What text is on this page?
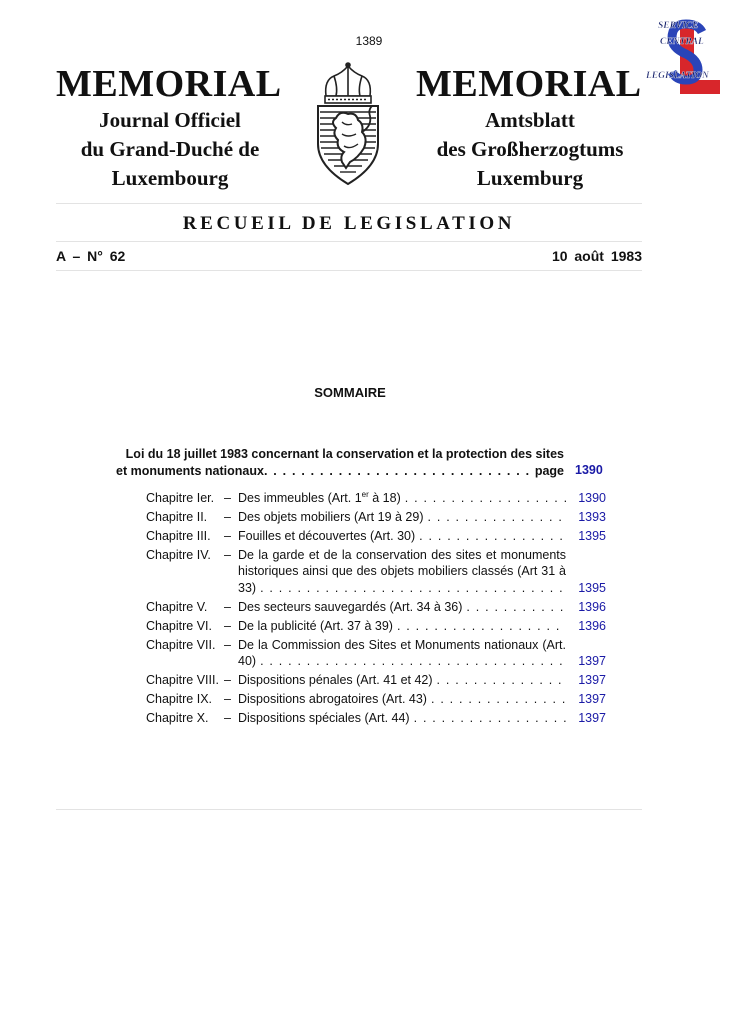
1389
MEMORIAL	MEMORIAL
Journal Officiel
du Grand-Duché de
Luxembourg
Amtsblatt
des Großherzogtums
Luxemburg
SERVICE
CENTRAL
LEGISLATION
RECUEIL DE LEGISLATION
A – N° 62	10 août 1983
SOMMAIRE
Loi du 18 juillet 1983 concernant la conservation et la protection des sites
et monuments nationaux . . .	page 1390
Chapitre Ier. – Des immeubles (Art. 1er à 18) . . .	1390
Chapitre II.	– Des objets mobiliers (Art 19 à 29) . . .	1393
Chapitre III.	– Fouilles et découvertes (Art. 30) . . .	1395
Chapitre IV.	– De la garde et de la conservation des sites et monuments
historiques ainsi que des objets mobiliers classés (Art 31 à
33) . . .	1395
Chapitre V.	– Des secteurs sauvegardés (Art. 34 à 36) . . .	1396
Chapitre VI. – De la publicité (Art. 37 à 39) . . .	1396
Chapitre VII. – De la Commission des Sites et Monuments nationaux (Art.
40) . . .	1397
Chapitre VIII. – Dispositions pénales (Art. 41 et 42) . . .	1397
Chapitre IX. – Dispositions abrogatoires (Art. 43) . . .	1397
Chapitre X.	– Dispositions spéciales (Art. 44) . . .	1397
